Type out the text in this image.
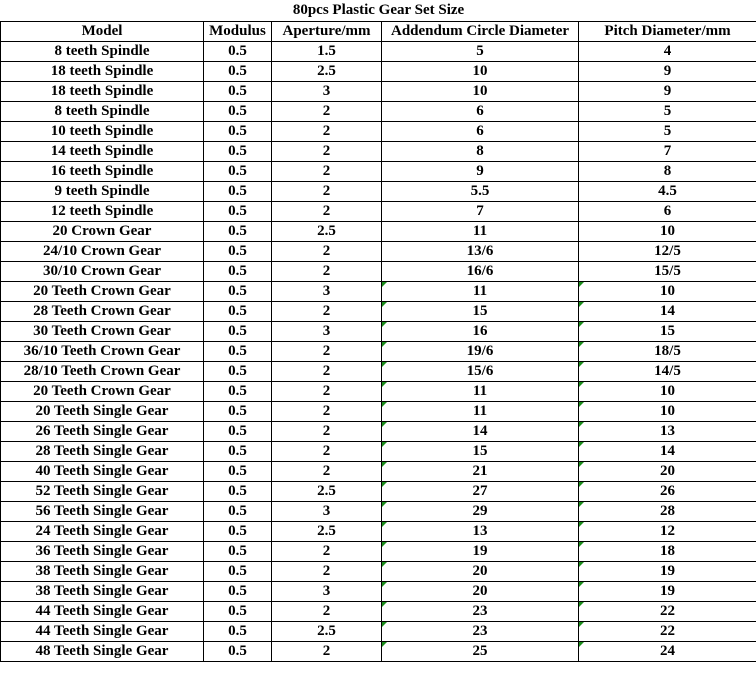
80pcs Plastic Gear Set Size				
Model	Modulus	Aperture/mm	Addendum Circle Diameter	Pitch Diameter/mm
8 teeth Spindle	0.5	1.5	5	4
18 teeth Spindle	0.5	2.5	10	9
18 teeth Spindle	0.5	3	10	9
8 teeth Spindle	0.5	2	6	5
10 teeth Spindle	0.5	2	6	5
14 teeth Spindle	0.5	2	8	7
16 teeth Spindle	0.5	2	9	8
9 teeth Spindle	0.5	2	5.5	4.5
12 teeth Spindle	0.5	2	7	6
20 Crown Gear	0.5	2.5	11	10
24/10 Crown Gear	0.5	2	13/6	12/5
30/10 Crown Gear	0.5	2	16/6	15/5
20 Teeth Crown Gear	0.5	3	11	10
28 Teeth Crown Gear	0.5	2	15	14
30 Teeth Crown Gear	0.5	3	16	15
36/10 Teeth Crown Gear	0.5	2	19/6	18/5
28/10 Teeth Crown Gear	0.5	2	15/6	14/5
20 Teeth Crown Gear	0.5	2	11	10
20 Teeth Single Gear	0.5	2	11	10
26 Teeth Single Gear	0.5	2	14	13
28 Teeth Single Gear	0.5	2	15	14
40 Teeth Single Gear	0.5	2	21	20
52 Teeth Single Gear	0.5	2.5	27	26
56 Teeth Single Gear	0.5	3	29	28
24 Teeth Single Gear	0.5	2.5	13	12
36 Teeth Single Gear	0.5	2	19	18
38 Teeth Single Gear	0.5	2	20	19
38 Teeth Single Gear	0.5	3	20	19
44 Teeth Single Gear	0.5	2	23	22
44 Teeth Single Gear	0.5	2.5	23	22
48 Teeth Single Gear	0.5	2	25	24
